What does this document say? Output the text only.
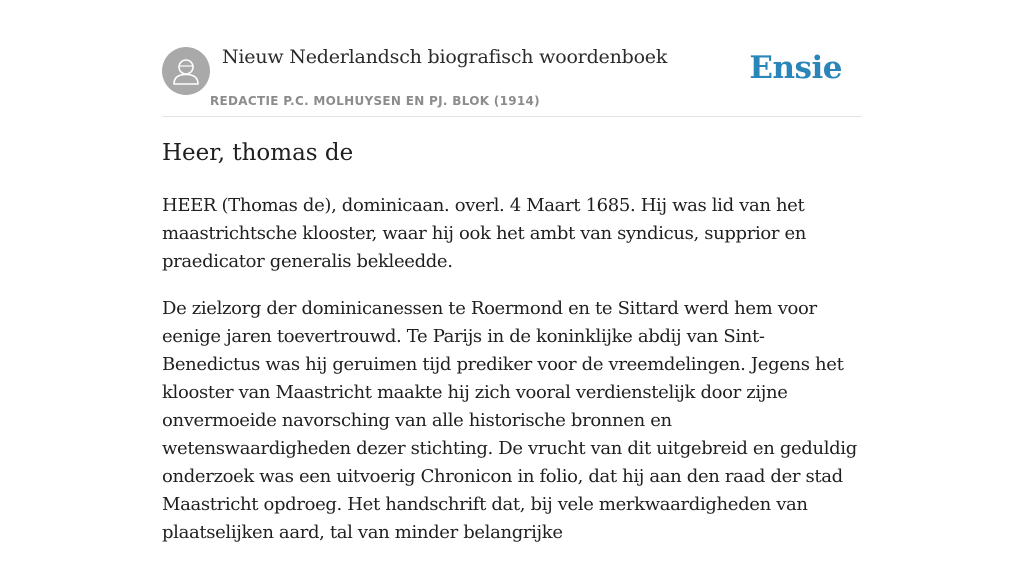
Nieuw Nederlandsch biografisch woordenboek
REDACTIE P.C. MOLHUYSEN EN PJ. BLOK (1914)
Ensie
Heer, thomas de

HEER (Thomas de), dominicaan. overl. 4 Maart 1685. Hij was lid van het maastrichtsche klooster, waar hij ook het ambt van syndicus, supprior en praedicator generalis bekleedde.

De zielzorg der dominicanessen te Roermond en te Sittard werd hem voor eenige jaren toevertrouwd. Te Parijs in de koninklijke abdij van Sint-Benedictus was hij geruimen tijd prediker voor de vreemdelingen. Jegens het klooster van Maastricht maakte hij zich vooral verdienstelijk door zijne onvermoeide navorsching van alle historische bronnen en wetenswaardigheden dezer stichting. De vrucht van dit uitgebreid en geduldig onderzoek was een uitvoerig Chronicon in folio, dat hij aan den raad der stad Maastricht opdroeg. Het handschrift dat, bij vele merkwaardigheden van plaatselijken aard, tal van minder belangrijke
